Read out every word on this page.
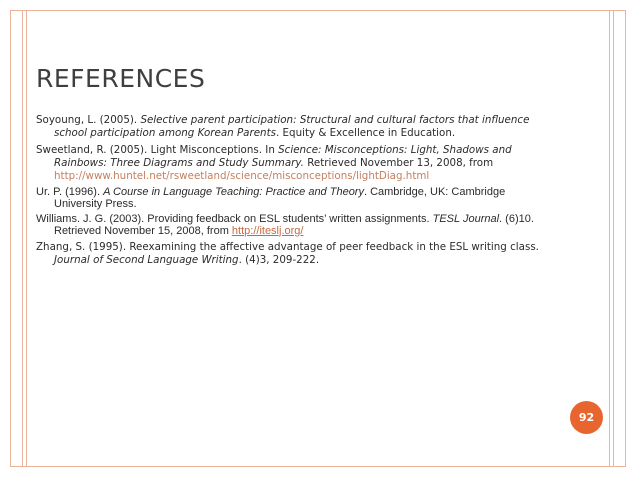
REFERENCES

Soyoung, L. (2005). Selective parent participation: Structural and cultural factors that influence school participation among Korean Parents. Equity & Excellence in Education.

Sweetland, R. (2005). Light Misconceptions. In Science: Misconceptions: Light, Shadows and Rainbows: Three Diagrams and Study Summary. Retrieved November 13, 2008, from http://www.huntel.net/rsweetland/science/misconceptions/lightDiag.html

Ur. P. (1996). A Course in Language Teaching: Practice and Theory. Cambridge, UK: Cambridge University Press.

Williams. J. G. (2003). Providing feedback on ESL students’ written assignments. TESL Journal. (6)10. Retrieved November 15, 2008, from http://iteslj.org/

Zhang, S. (1995). Reexamining the affective advantage of peer feedback in the ESL writing class. Journal of Second Language Writing. (4)3, 209-222.

92
